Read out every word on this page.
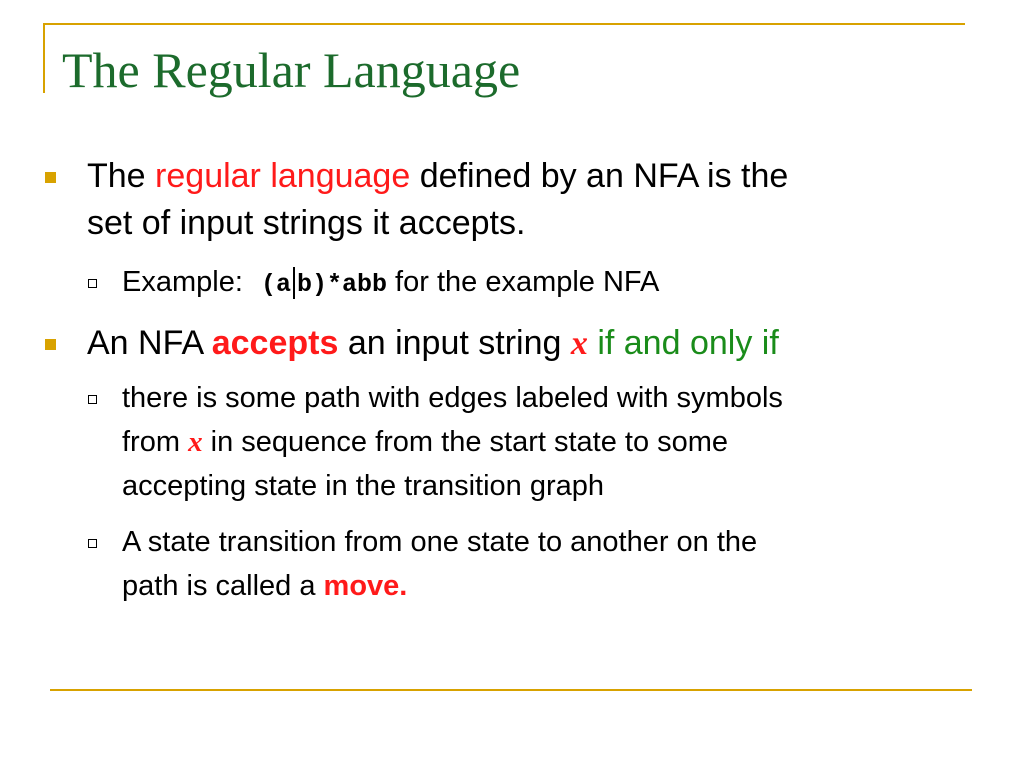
The Regular Language

The regular language defined by an NFA is the

set of input strings it accepts.

Example: (a b)*abb for the example NFA

An NFA accepts an input string x if and only if

there is some path with edges labeled with symbols

from x in sequence from the start state to some

accepting state in the transition graph

A state transition from one state to another on the

path is called a move.
